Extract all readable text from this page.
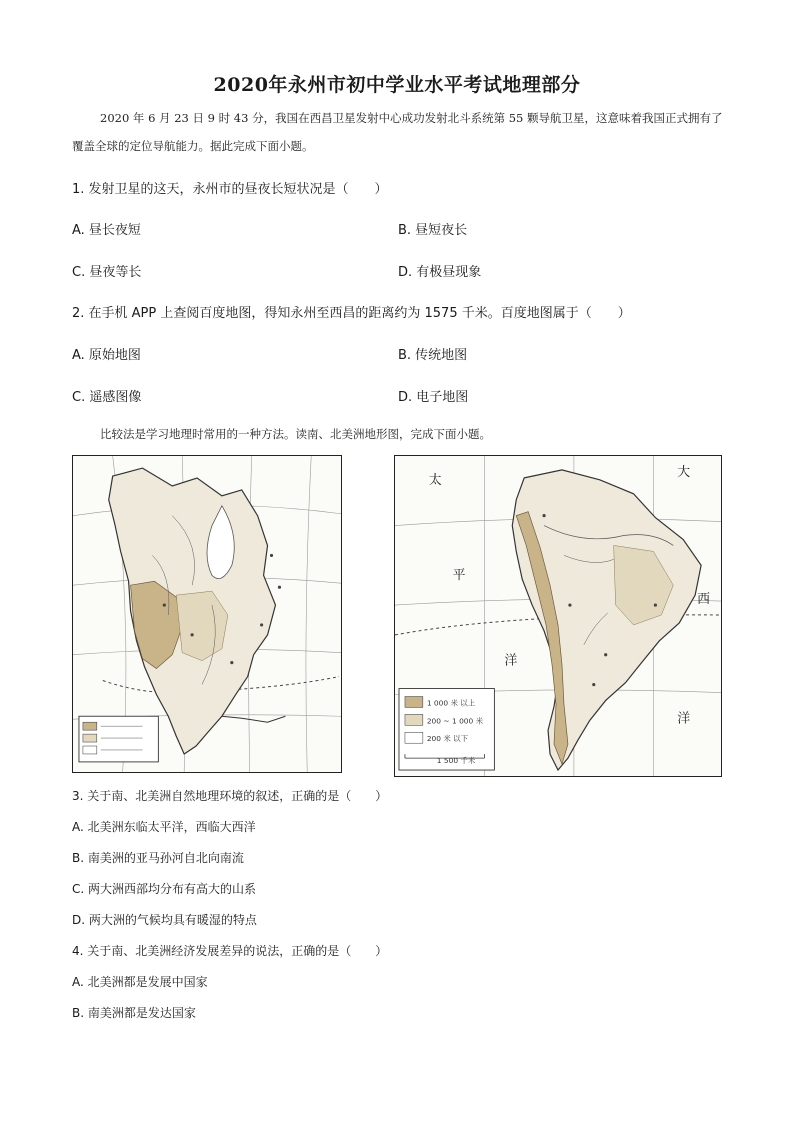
2020年永州市初中学业水平考试地理部分
2020 年 6 月 23 日 9 时 43 分，我国在西昌卫星发射中心成功发射北斗系统第 55 颗导航卫星，这意味着我国正式拥有了覆盖全球的定位导航能力。据此完成下面小题。
1. 发射卫星的这天，永州市的昼夜长短状况是（　　）
A. 昼长夜短	B. 昼短夜长
C. 昼夜等长	D. 有极昼现象
2. 在手机 APP 上查阅百度地图，得知永州至西昌的距离约为 1575 千米。百度地图属于（　　）
A. 原始地图	B. 传统地图
C. 遥感图像	D. 电子地图
比较法是学习地理时常用的一种方法。读南、北美洲地形图，完成下面小题。
太
平
洋
大
西
洋
1 000 米 以上
200 ~ 1 000 米
200 米 以下
1 500 千米
3. 关于南、北美洲自然地理环境的叙述，正确的是（　　）
A. 北美洲东临太平洋，西临大西洋
B. 南美洲的亚马孙河自北向南流
C. 两大洲西部均分布有高大的山系
D. 两大洲的气候均具有暖湿的特点
4. 关于南、北美洲经济发展差异的说法，正确的是（　　）
A. 北美洲都是发展中国家
B. 南美洲都是发达国家
